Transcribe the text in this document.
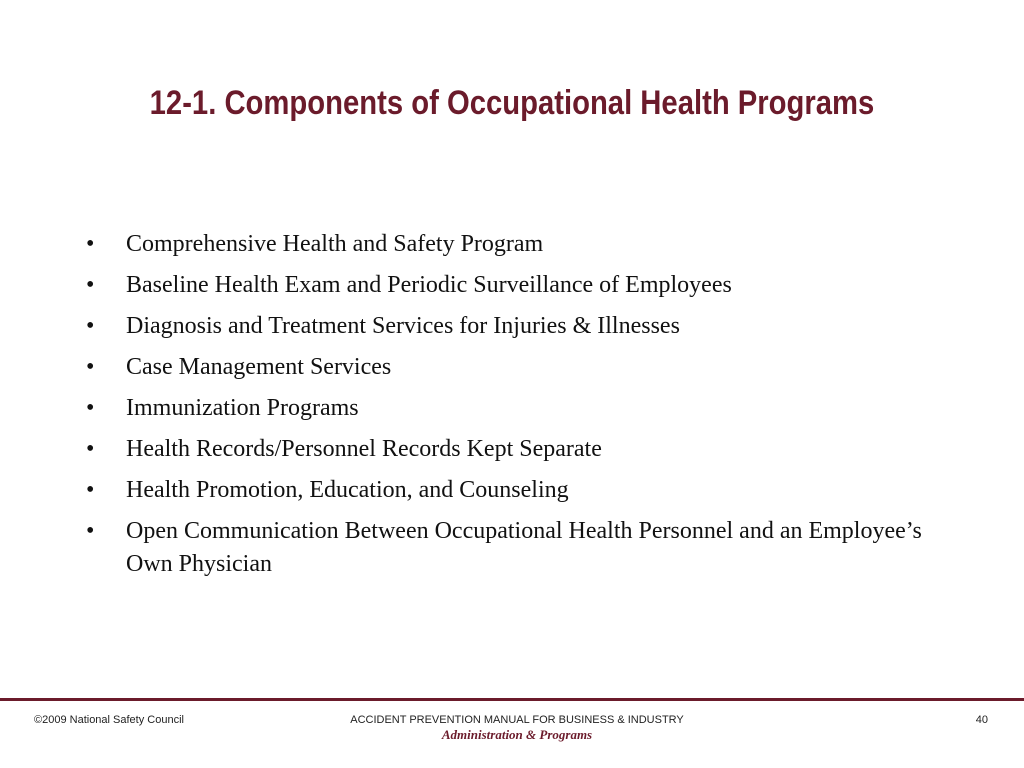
12-1. Components of Occupational Health Programs
• Comprehensive Health and Safety Program
• Baseline Health Exam and Periodic Surveillance of Employees
• Diagnosis and Treatment Services for Injuries & Illnesses
• Case Management Services
• Immunization Programs
• Health Records/Personnel Records Kept Separate
• Health Promotion, Education, and Counseling
• Open Communication Between Occupational Health Personnel and an Employee’s Own Physician
©2009 National Safety Council	ACCIDENT PREVENTION MANUAL FOR BUSINESS & INDUSTRY
Administration & Programs
40
